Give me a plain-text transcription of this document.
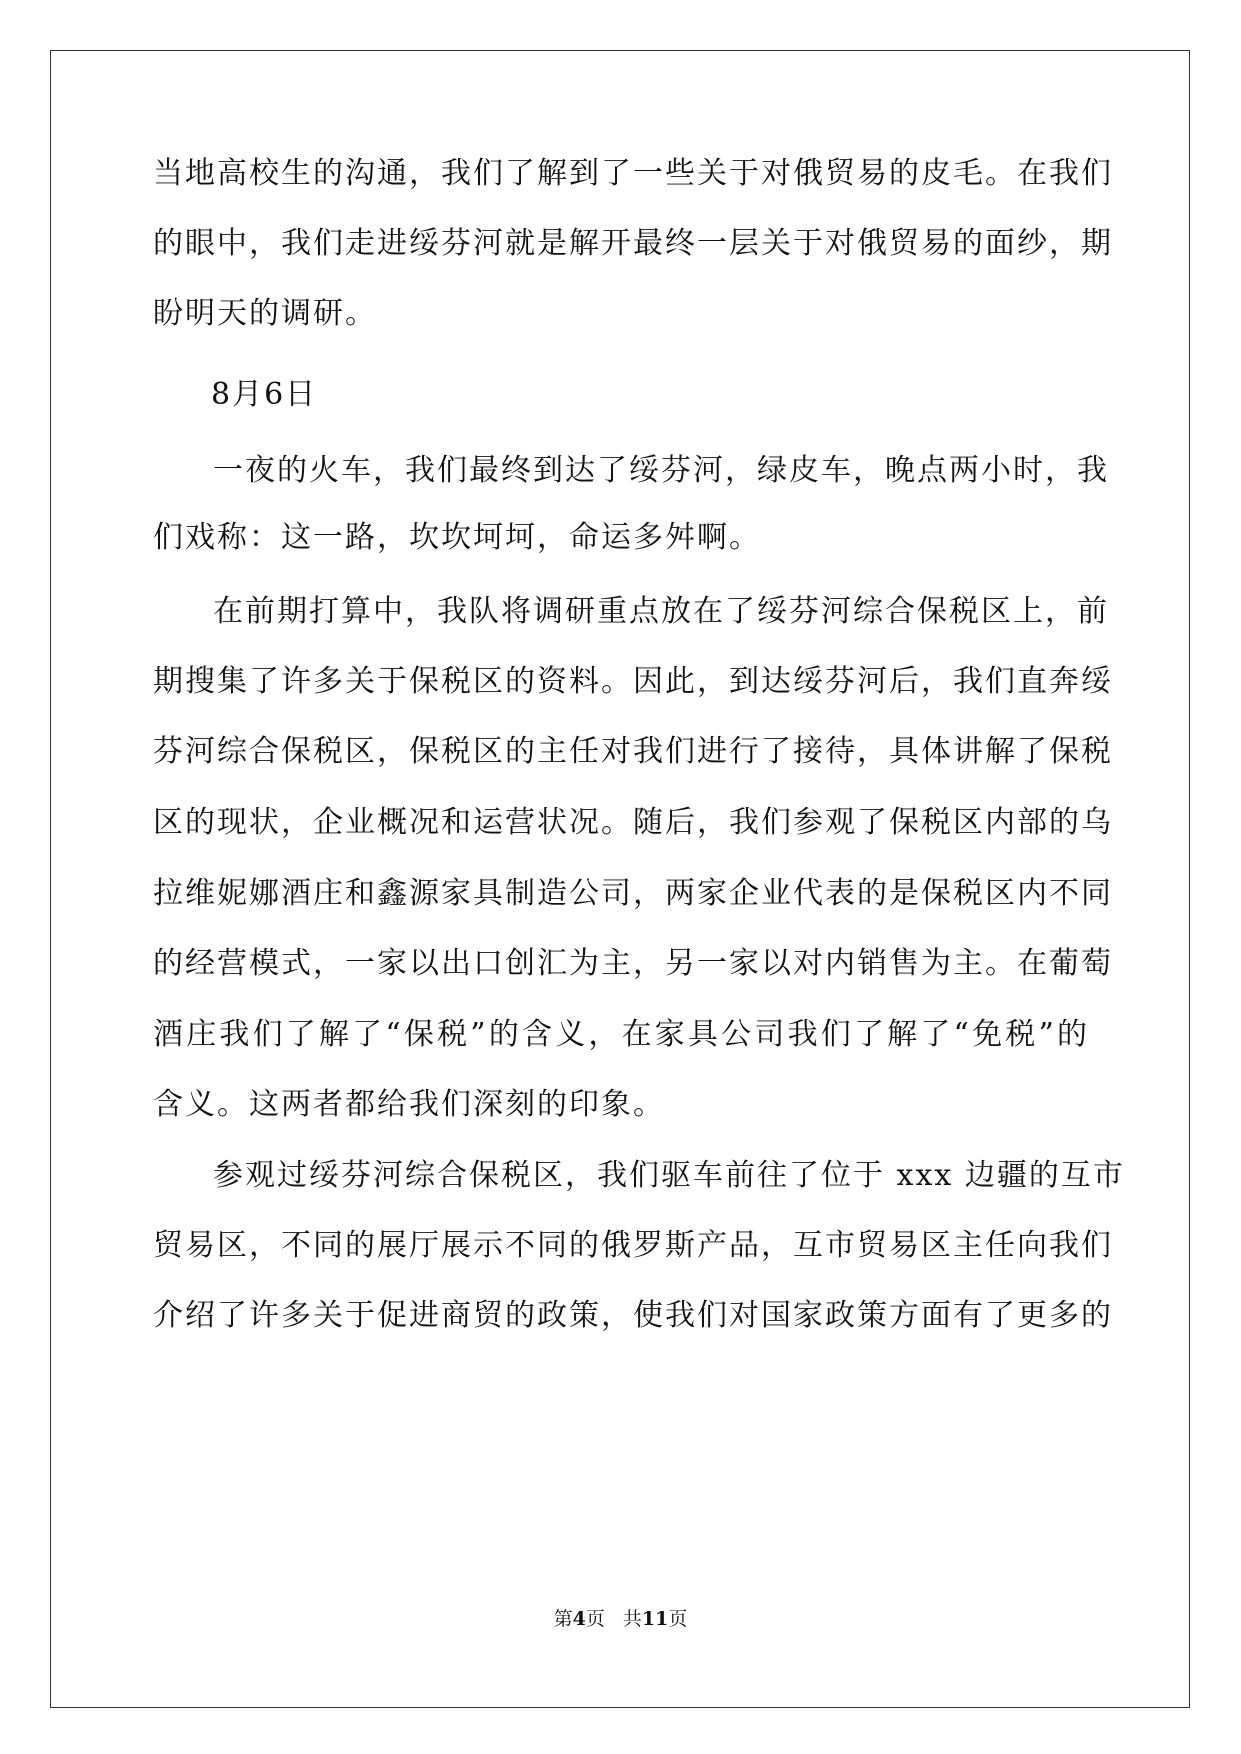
当地高校生的沟通，我们了解到了一些关于对俄贸易的皮毛。在我们
的眼中，我们走进绥芬河就是解开最终一层关于对俄贸易的面纱，期
盼明天的调研。
8月6日
一夜的火车，我们最终到达了绥芬河，绿皮车，晚点两小时，我
们戏称：这一路，坎坎坷坷，命运多舛啊。
在前期打算中，我队将调研重点放在了绥芬河综合保税区上，前
期搜集了许多关于保税区的资料。因此，到达绥芬河后，我们直奔绥
芬河综合保税区，保税区的主任对我们进行了接待，具体讲解了保税
区的现状，企业概况和运营状况。随后，我们参观了保税区内部的乌
拉维妮娜酒庄和鑫源家具制造公司，两家企业代表的是保税区内不同
的经营模式，一家以出口创汇为主，另一家以对内销售为主。在葡萄
酒庄我们了解了“保税”的含义，在家具公司我们了解了“免税”的
含义。这两者都给我们深刻的印象。
参观过绥芬河综合保税区，我们驱车前往了位于 xxx 边疆的互市
贸易区，不同的展厅展示不同的俄罗斯产品，互市贸易区主任向我们
介绍了许多关于促进商贸的政策，使我们对国家政策方面有了更多的
第4页 共11页
